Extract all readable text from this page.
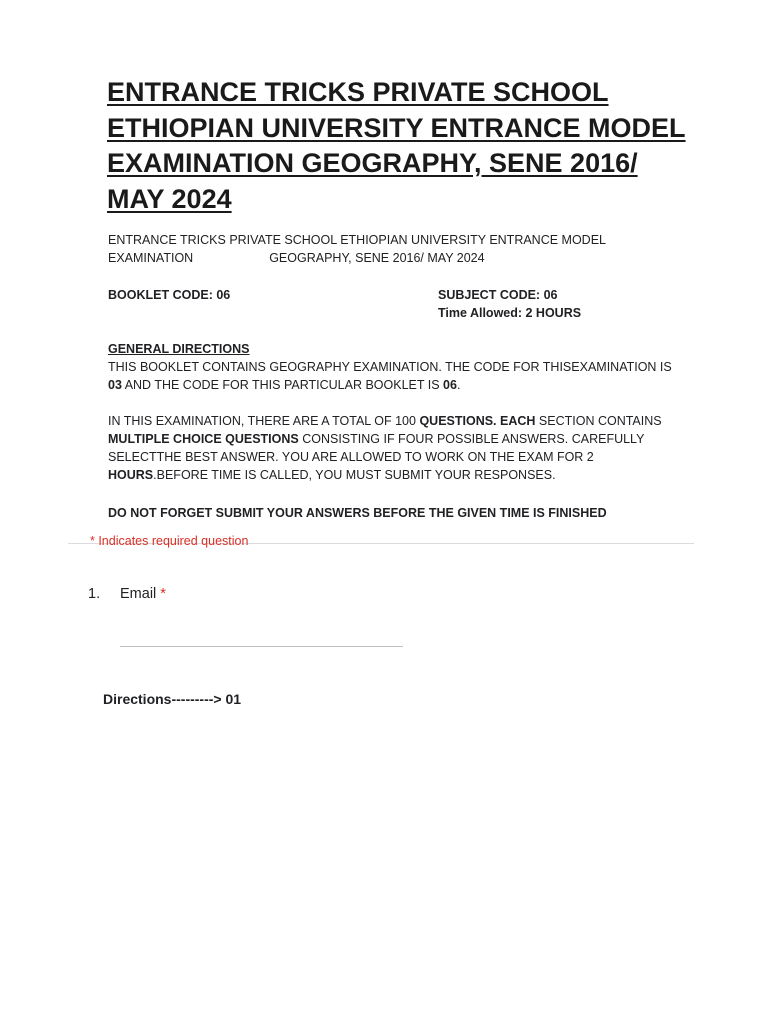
ENTRANCE TRICKS PRIVATE SCHOOL ETHIOPIAN UNIVERSITY ENTRANCE MODEL EXAMINATION GEOGRAPHY, SENE 2016/ MAY 2024
ENTRANCE TRICKS PRIVATE SCHOOL ETHIOPIAN UNIVERSITY ENTRANCE MODEL
EXAMINATION	GEOGRAPHY, SENE 2016/ MAY 2024
BOOKLET CODE: 06	SUBJECT CODE: 06
Time Allowed: 2 HOURS
GENERAL DIRECTIONS

THIS BOOKLET CONTAINS GEOGRAPHY EXAMINATION. THE CODE FOR THISEXAMINATION IS 03 AND THE CODE FOR THIS PARTICULAR BOOKLET IS 06.

IN THIS EXAMINATION, THERE ARE A TOTAL OF 100 QUESTIONS. EACH SECTION CONTAINS MULTIPLE CHOICE QUESTIONS CONSISTING IF FOUR POSSIBLE ANSWERS. CAREFULLY SELECTTHE BEST ANSWER. YOU ARE ALLOWED TO WORK ON THE EXAM FOR 2 HOURS.BEFORE TIME IS CALLED, YOU MUST SUBMIT YOUR RESPONSES.

DO NOT FORGET SUBMIT YOUR ANSWERS BEFORE THE GIVEN TIME IS FINISHED
* Indicates required question
1. Email *
Directions---------> 01
